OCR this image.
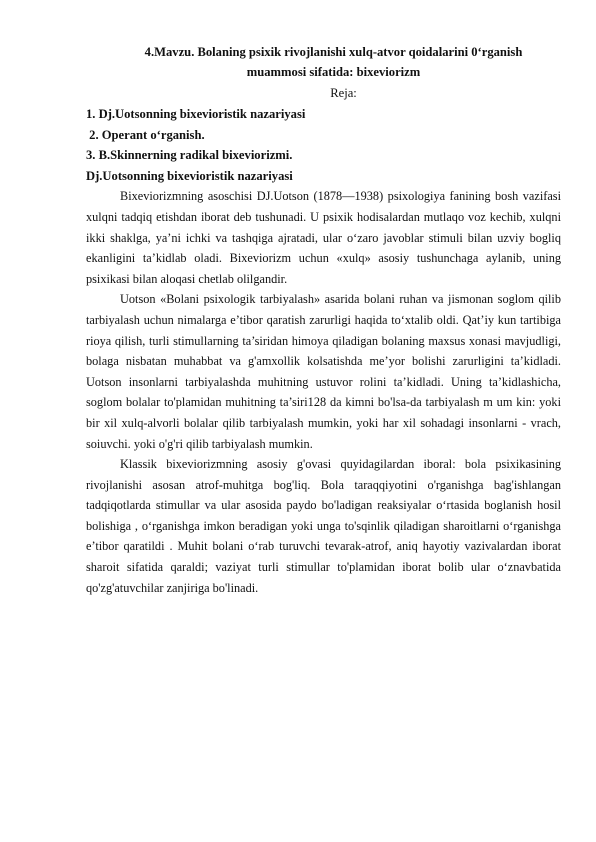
4.Mavzu. Bolaning psixik rivojlanishi xulq-atvor qoidalarini 0‘rganish

muammosi sifatida: bixeviorizm

Reja:

1. Dj.Uotsonning bixevioristik nazariyasi

2. Operant o‘rganish.

3. B.Skinnerning radikal bixeviorizmi.

Dj.Uotsonning bixevioristik nazariyasi

Bixeviorizmning asoschisi DJ.Uotson (1878—1938) psixologiya fanining bosh vazifasi xulqni tadqiq etishdan iborat deb tushunadi. U psixik hodisalardan mutlaqo voz kechib, xulqni ikki shaklga, ya’ni ichki va tashqiga ajratadi, ular o‘zaro javoblar stimuli bilan uzviy bogliq ekanligini ta’kidlab oladi. Bixeviorizm uchun «xulq» asosiy tushunchaga aylanib, uning psixikasi bilan aloqasi chetlab olilgandir.

Uotson «Bolani psixologik tarbiyalash» asarida bolani ruhan va jismonan soglom qilib tarbiyalash uchun nimalarga e’tibor qaratish zarurligi haqida to‘xtalib oldi. Qat’iy kun tartibiga rioya qilish, turli stimullarning ta’siridan himoya qiladigan bolaning maxsus xonasi mavjudligi, bolaga nisbatan muhabbat va g'amxollik kolsatishda me’yor bolishi zarurligini ta’kidladi. Uotson insonlarni tarbiyalashda muhitning ustuvor rolini ta’kidladi. Uning ta’kidlashicha, soglom bolalar to'plamidan muhitning ta’siri128 da kimni bo'lsa-da tarbiyalash m um kin: yoki bir xil xulq-alvorli bolalar qilib tarbiyalash mumkin, yoki har xil sohadagi insonlarni - vrach, soiuvchi. yoki o'g'ri qilib tarbiyalash mumkin.

Klassik bixeviorizmning asosiy g'ovasi quyidagilardan iboral: bola psixikasining rivojlanishi asosan atrof-muhitga bog'liq. Bola taraqqiyotini o'rganishga bag'ishlangan tadqiqotlarda stimullar va ular asosida paydo bo'ladigan reaksiyalar o‘rtasida boglanish hosil bolishiga , o‘rganishga imkon beradigan yoki unga to'sqinlik qiladigan sharoitlarni o‘rganishga e’tibor qaratildi . Muhit bolani o‘rab turuvchi tevarak-atrof, aniq hayotiy vazivalardan iborat sharoit sifatida qaraldi; vaziyat turli stimullar to'plamidan iborat bolib ular o‘znavbatida qo'zg'atuvchilar zanjiriga bo'linadi.
